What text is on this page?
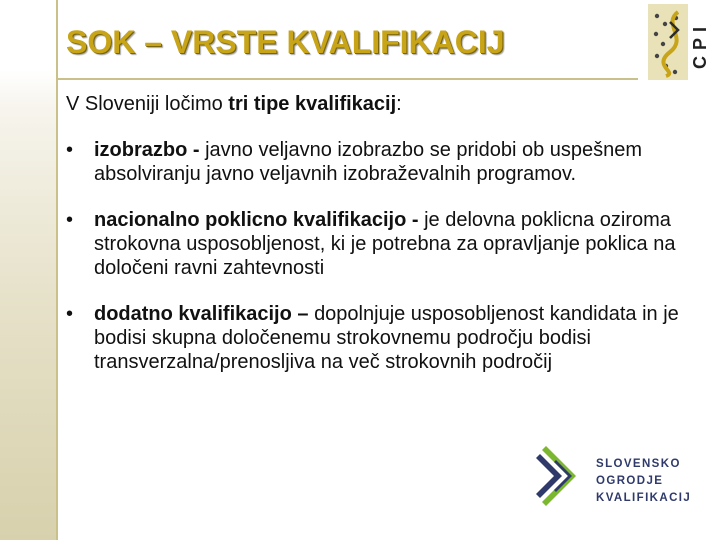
SOK – VRSTE KVALIFIKACIJ	CPI
V Sloveniji ločimo tri tipe kvalifikacij:
• izobrazbo - javno veljavno izobrazbo se pridobi ob uspešnem absolviranju javno veljavnih izobraževalnih programov.
• nacionalno poklicno kvalifikacijo - je delovna poklicna oziroma strokovna usposobljenost, ki je potrebna za opravljanje poklica na določeni ravni zahtevnosti
• dodatno kvalifikacijo – dopolnjuje usposobljenost kandidata in je bodisi skupna določenemu strokovnemu področju bodisi transverzalna/prenosljiva na več strokovnih področij
SLOVENSKO
OGRODJE
KVALIFIKACIJ
